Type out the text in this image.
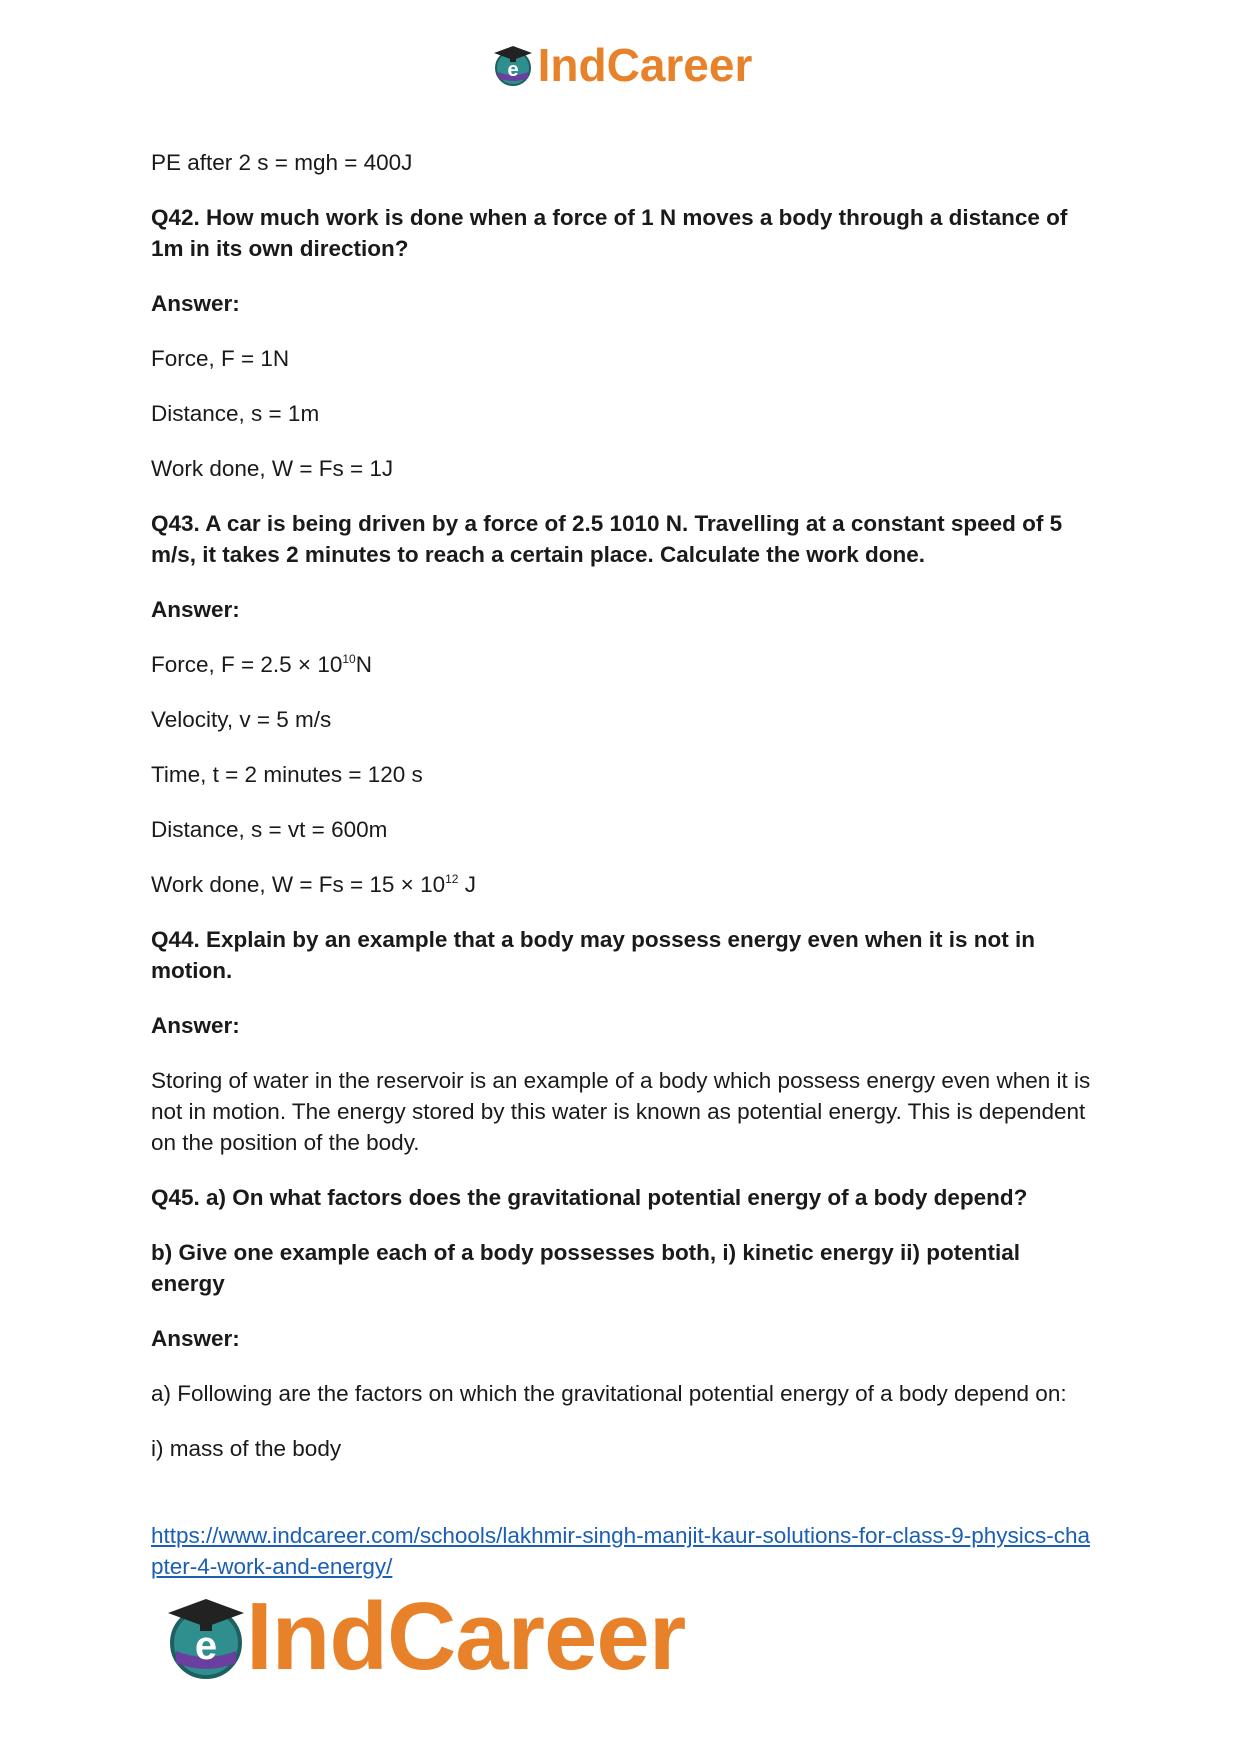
e IndCareer

PE after 2 s = mgh = 400J

Q42. How much work is done when a force of 1 N moves a body through a distance of 1m in its own direction?

Answer:

Force, F = 1N

Distance, s = 1m

Work done, W = Fs = 1J

Q43. A car is being driven by a force of 2.5 1010 N. Travelling at a constant speed of 5 m/s, it takes 2 minutes to reach a certain place. Calculate the work done.

Answer:

Force, $F = 2.5 \times 10^{10}N$

Velocity, v = 5 m/s

Time, t = 2 minutes = 120 s

Distance, s = vt = 600m

Work done, $W = Fs = 15 \times 10^{12}$ J

Q44. Explain by an example that a body may possess energy even when it is not in motion.

Answer:

Storing of water in the reservoir is an example of a body which possess energy even when it is not in motion. The energy stored by this water is known as potential energy. This is dependent on the position of the body.

Q45. a) On what factors does the gravitational potential energy of a body depend?

b) Give one example each of a body possesses both, i) kinetic energy ii) potential energy

Answer:

a) Following are the factors on which the gravitational potential energy of a body depend on:

i) mass of the body

https://www.indcareer.com/schools/lakhmir-singh-manjit-kaur-solutions-for-class-9-physics-chapter-4-work-and-energy/
e IndCareer
